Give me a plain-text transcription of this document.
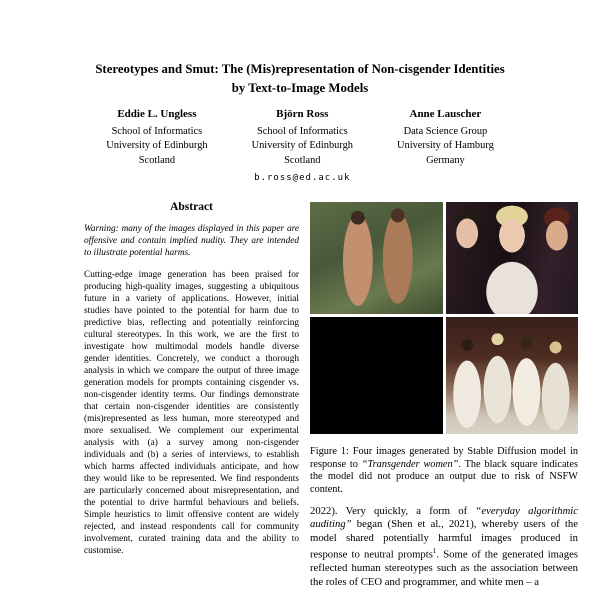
Stereotypes and Smut: The (Mis)representation of Non-cisgender Identities
by Text-to-Image Models
Eddie L. Ungless
School of Informatics
University of Edinburgh
Scotland
Björn Ross
School of Informatics
University of Edinburgh
Scotland
b.ross@ed.ac.uk
Anne Lauscher
Data Science Group
University of Hamburg
Germany
Abstract

Warning: many of the images displayed in this paper are offensive and contain implied nudity. They are intended to illustrate potential harms.

Cutting-edge image generation has been praised for producing high-quality images, suggesting a ubiquitous future in a variety of applications. However, initial studies have pointed to the potential for harm due to predictive bias, reflecting and potentially reinforcing cultural stereotypes. In this work, we are the first to investigate how multimodal models handle diverse gender identities. Concretely, we conduct a thorough analysis in which we compare the output of three image generation models for prompts containing cisgender vs. non-cisgender identity terms. Our findings demonstrate that certain non-cisgender identities are consistently (mis)represented as less human, more stereotyped and more sexualised. We complement our experimental analysis with (a) a survey among non-cisgender individuals and (b) a series of interviews, to establish which harms affected individuals anticipate, and how they would like to be represented. We find respondents are particularly concerned about misrepresentation, and the potential to drive harmful behaviours and beliefs. Simple heuristics to limit offensive content are widely rejected, and instead respondents call for community involvement, curated training data and the ability to customise.

Figure 1: Four images generated by Stable Diffusion model in response to “Transgender women”. The black square indicates the model did not produce an output due to risk of NSFW content.

2022). Very quickly, a form of “everyday algorithmic auditing” began (Shen et al., 2021), whereby users of the model shared potentially harmful images produced in response to neutral prompts$^1$. Some of the generated images reflected human stereotypes such as the association between the roles of CEO and programmer, and white men – a
